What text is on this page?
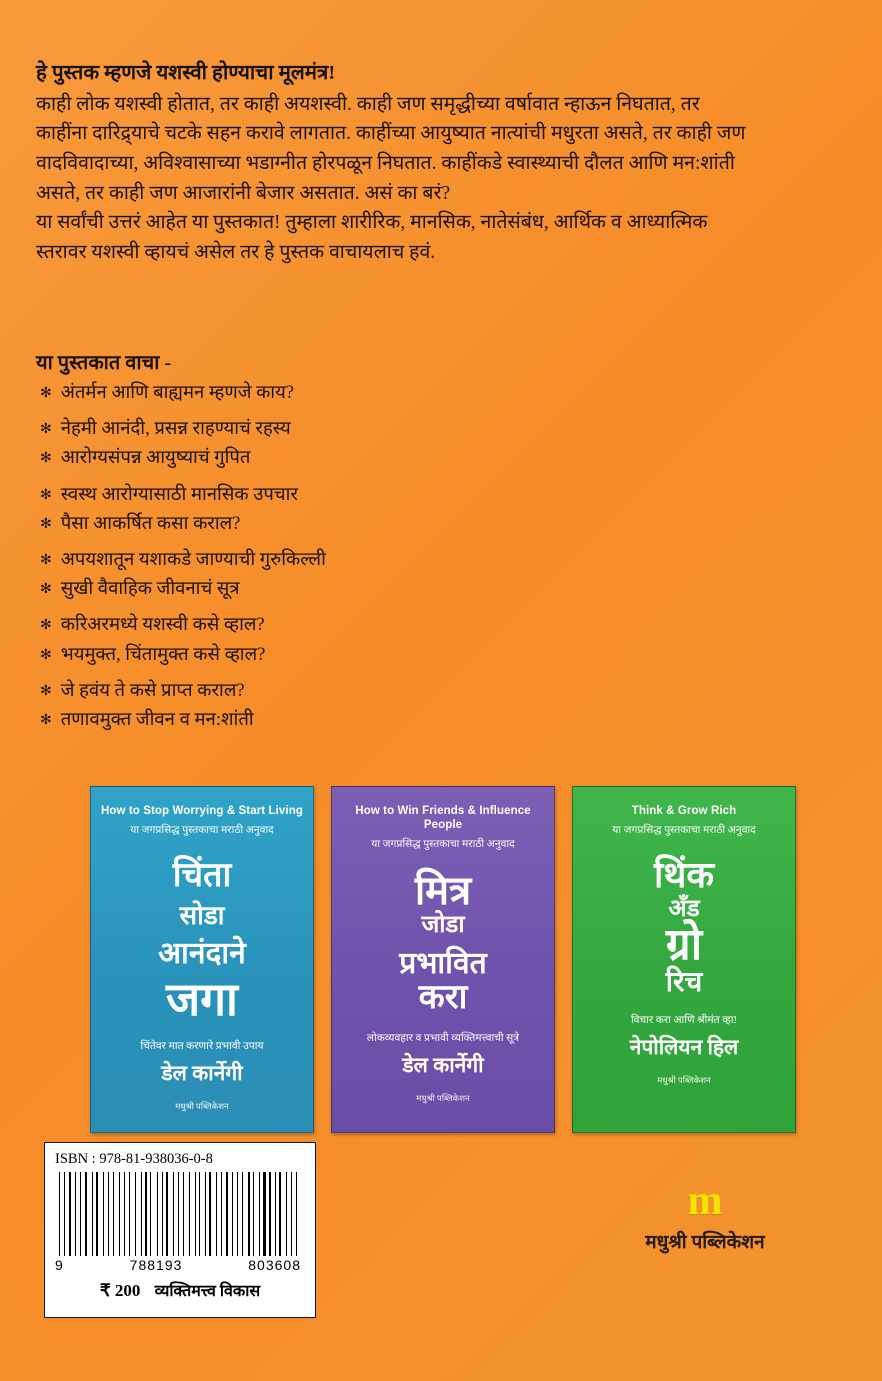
हे पुस्तक म्हणजे यशस्वी होण्याचा मूलमंत्र!

काही लोक यशस्वी होतात, तर काही अयशस्वी. काही जण समृद्धीच्या वर्षावात न्हाऊन निघतात, तर काहींना दारिद्र्याचे चटके सहन करावे लागतात. काहींच्या आयुष्यात नात्यांची मधुरता असते, तर काही जण वादविवादाच्या, अविश्वासाच्या भडाग्नीत होरपळून निघतात. काहींकडे स्वास्थ्याची दौलत आणि मन:शांती असते, तर काही जण आजारांनी बेजार असतात. असं का बरं?

या सर्वांची उत्तरं आहेत या पुस्तकात! तुम्हाला शारीरिक, मानसिक, नातेसंबंध, आर्थिक व आध्यात्मिक स्तरावर यशस्वी व्हायचं असेल तर हे पुस्तक वाचायलाच हवं.

या पुस्तकात वाचा -
✻ अंतर्मन आणि बाह्यमन म्हणजे काय?
✻ नेहमी आनंदी, प्रसन्न राहण्याचं रहस्य
✻ आरोग्यसंपन्न आयुष्याचं गुपित
✻ स्वस्थ आरोग्यासाठी मानसिक उपचार
✻ पैसा आकर्षित कसा कराल?
✻ अपयशातून यशाकडे जाण्याची गुरुकिल्ली
✻ सुखी वैवाहिक जीवनाचं सूत्र
✻ करिअरमध्ये यशस्वी कसे व्हाल?
✻ भयमुक्त, चिंतामुक्त कसे व्हाल?
✻ जे हवंय ते कसे प्राप्त कराल?
✻ तणावमुक्त जीवन व मन:शांती
How to Stop Worrying & Start Living
या जगप्रसिद्ध पुस्तकाचा मराठी अनुवाद
चिंता
सोडा
आनंदाने
जगा
चिंतेवर मात करणारे प्रभावी उपाय
डेल कार्नेगी
मधुश्री पब्लिकेशन
How to Win Friends & Influence People
या जगप्रसिद्ध पुस्तकाचा मराठी अनुवाद
मित्र
जोडा
प्रभावित
करा
लोकव्यवहार व प्रभावी व्यक्तिमत्त्वाची सूत्रे
डेल कार्नेगी
मधुश्री पब्लिकेशन
Think & Grow Rich
या जगप्रसिद्ध पुस्तकाचा मराठी अनुवाद
थिंक
अँड
ग्रो
रिच
विचार करा आणि श्रीमंत व्हा!
नेपोलियन हिल
मधुश्री पब्लिकेशन
ISBN : 978-81-938036-0-8
9	788193	803608
₹ 200 व्यक्तिमत्त्व विकास
m
मधुश्री पब्लिकेशन
